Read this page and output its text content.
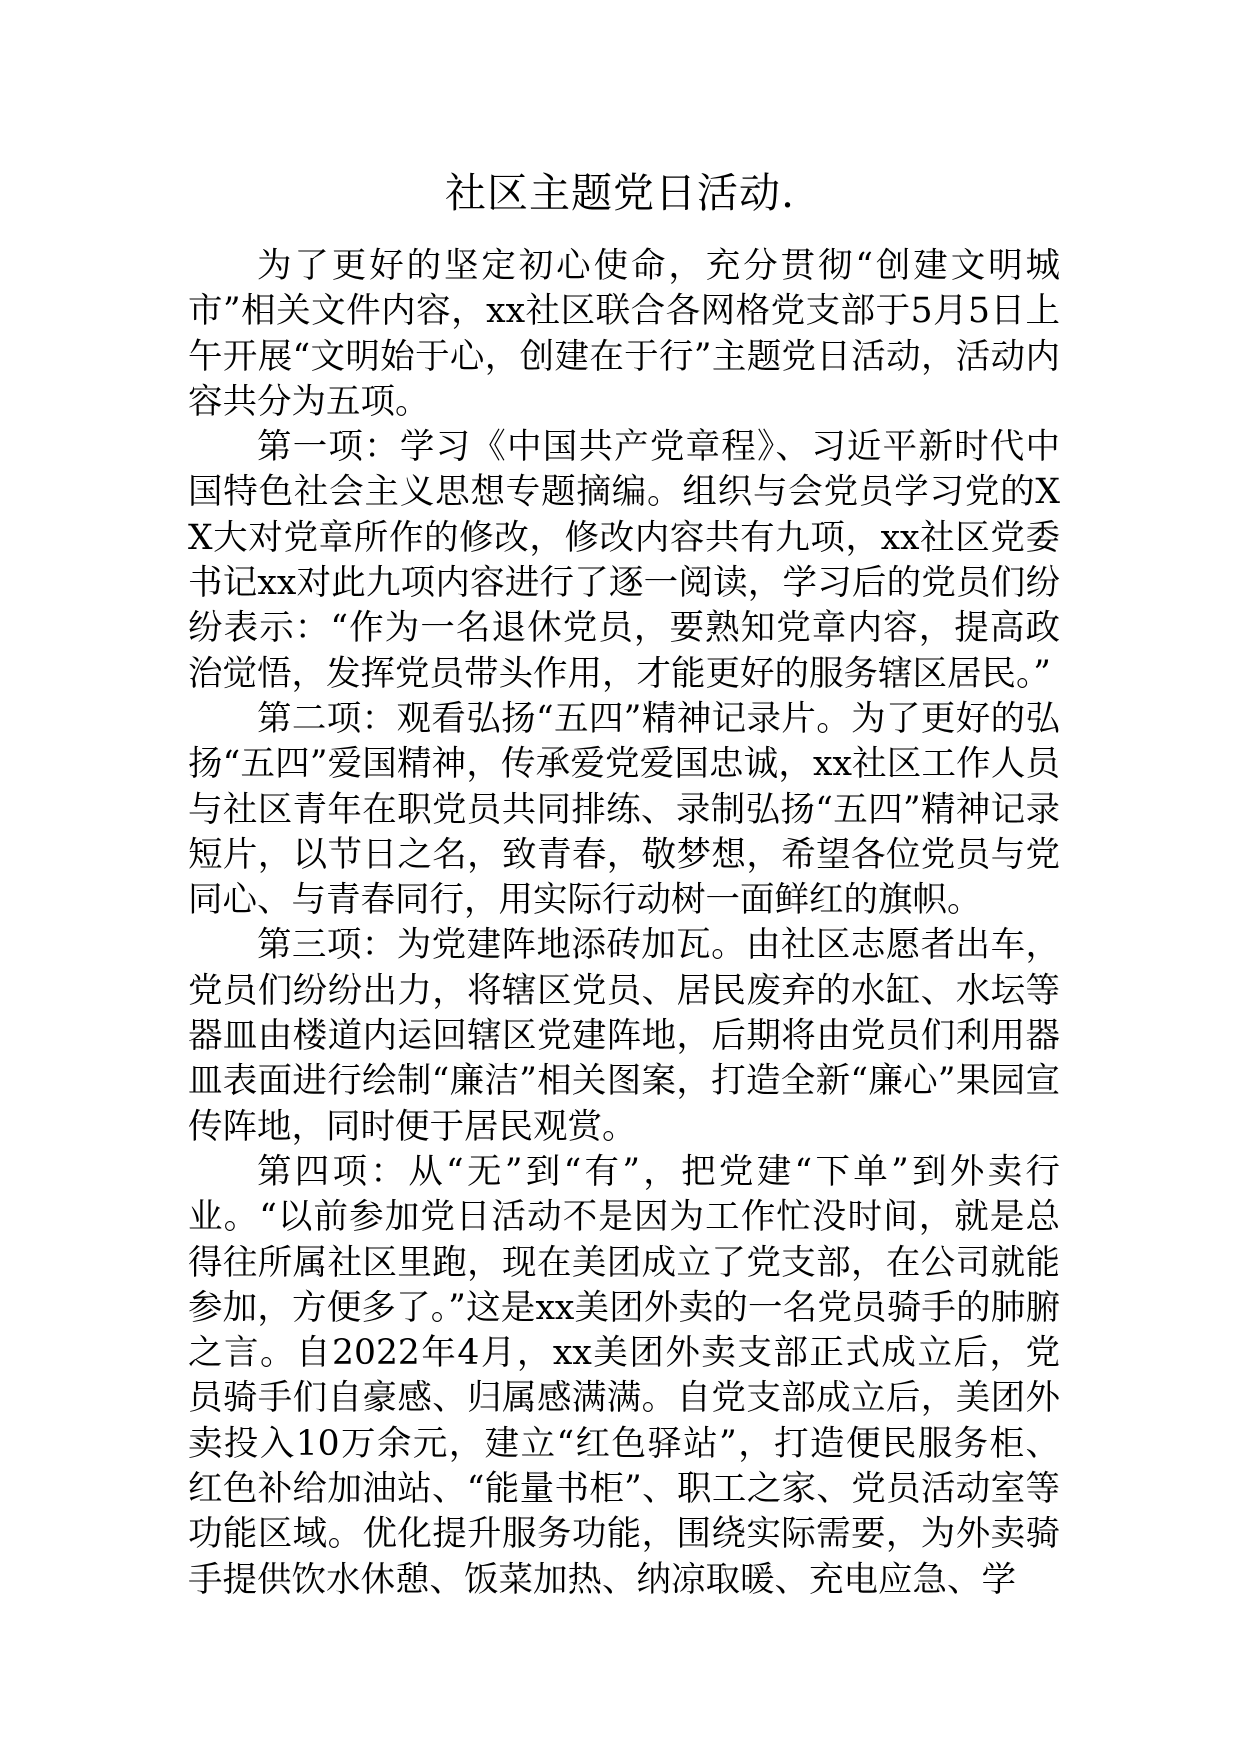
社区主题党日活动.

为了更好的坚定初心使命，充分贯彻“创建文明城市”相关文件内容，xx社区联合各网格党支部于5月5日上午开展“文明始于心，创建在于行”主题党日活动，活动内容共分为五项。

第一项：学习《中国共产党章程》、习近平新时代中国特色社会主义思想专题摘编。组织与会党员学习党的XX大对党章所作的修改，修改内容共有九项，xx社区党委书记xx对此九项内容进行了逐一阅读，学习后的党员们纷纷表示：“作为一名退休党员，要熟知党章内容，提高政治觉悟，发挥党员带头作用，才能更好的服务辖区居民。”

第二项：观看弘扬“五四”精神记录片。为了更好的弘扬“五四”爱国精神，传承爱党爱国忠诚，xx社区工作人员与社区青年在职党员共同排练、录制弘扬“五四”精神记录短片，以节日之名，致青春，敬梦想，希望各位党员与党同心、与青春同行，用实际行动树一面鲜红的旗帜。

第三项：为党建阵地添砖加瓦。由社区志愿者出车，党员们纷纷出力，将辖区党员、居民废弃的水缸、水坛等器皿由楼道内运回辖区党建阵地，后期将由党员们利用器皿表面进行绘制“廉洁”相关图案，打造全新“廉心”果园宣传阵地，同时便于居民观赏。

第四项：从“无”到“有”，把党建“下单”到外卖行业。“以前参加党日活动不是因为工作忙没时间，就是总得往所属社区里跑，现在美团成立了党支部，在公司就能参加，方便多了。”这是xx美团外卖的一名党员骑手的肺腑之言。自2022年4月，xx美团外卖支部正式成立后，党员骑手们自豪感、归属感满满。自党支部成立后，美团外卖投入10万余元，建立“红色驿站”，打造便民服务柜、红色补给加油站、“能量书柜”、职工之家、党员活动室等功能区域。优化提升服务功能，围绕实际需要，为外卖骑手提供饮水休憩、饭菜加热、纳凉取暖、充电应急、学
